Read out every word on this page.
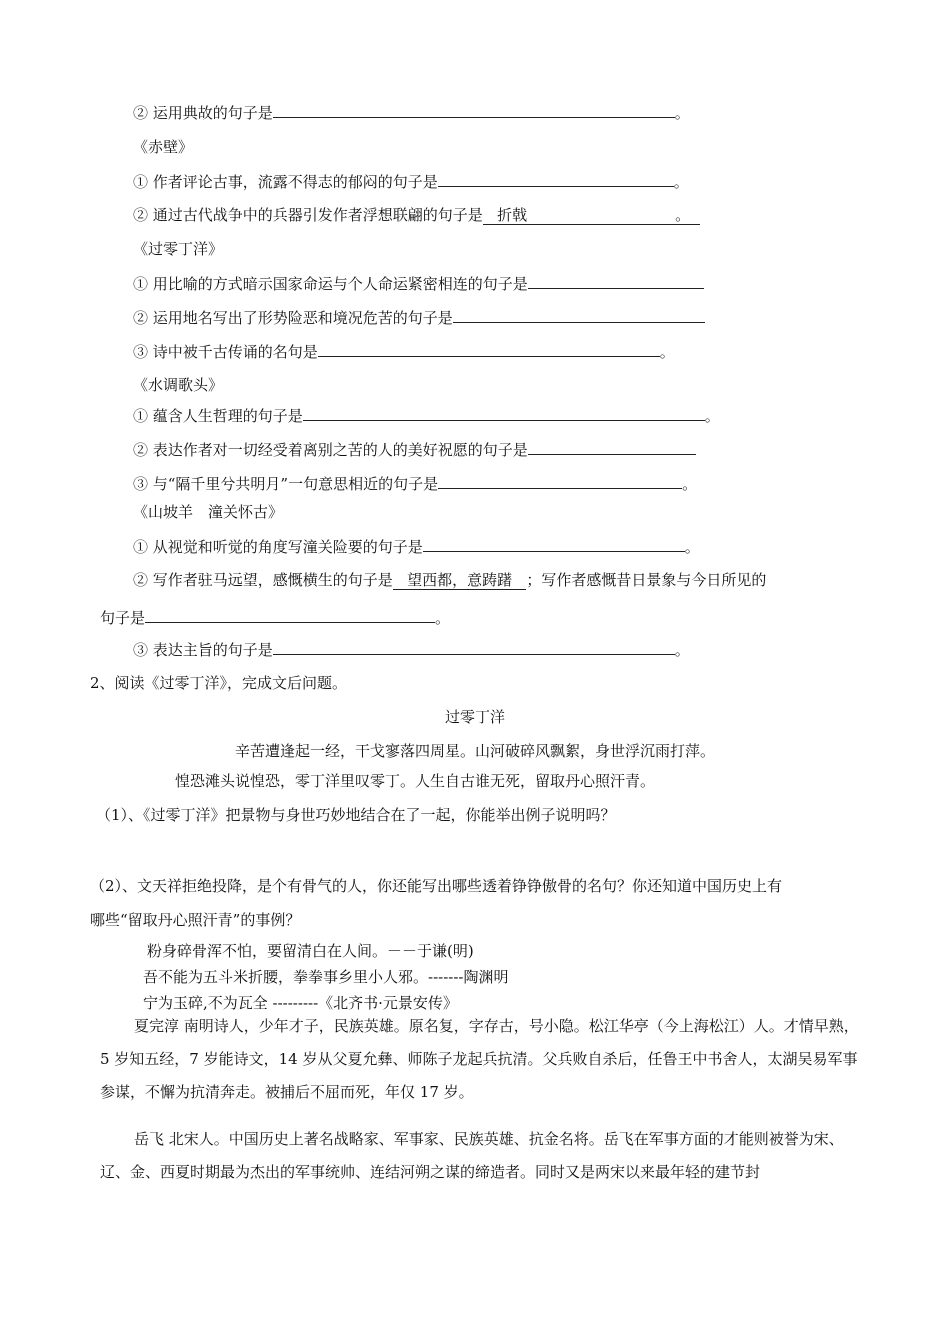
② 运用典故的句子是	。
《赤壁》
① 作者评论古事，流露不得志的郁闷的句子是	。
② 通过古代战争中的兵器引发作者浮想联翩的句子是 折戟	。
《过零丁洋》
① 用比喻的方式暗示国家命运与个人命运紧密相连的句子是
② 运用地名写出了形势险恶和境况危苦的句子是
③ 诗中被千古传诵的名句是	。
《水调歌头》
① 蕴含人生哲理的句子是	。
② 表达作者对一切经受着离别之苦的人的美好祝愿的句子是
③ 与“隔千里兮共明月”一句意思相近的句子是	。
《山坡羊　潼关怀古》
① 从视觉和听觉的角度写潼关险要的句子是	。
② 写作者驻马远望，感慨横生的句子是 望西都，意踌躇 ；写作者感慨昔日景象与今日所见的
句子是	。
③ 表达主旨的句子是	。
2、阅读《过零丁洋》，完成文后问题。
过零丁洋
辛苦遭逢起一经，干戈寥落四周星。山河破碎风飘絮，身世浮沉雨打萍。
惶恐滩头说惶恐，零丁洋里叹零丁。人生自古谁无死，留取丹心照汗青。
（1）、《过零丁洋》把景物与身世巧妙地结合在了一起，你能举出例子说明吗？
（2）、文天祥拒绝投降，是个有骨气的人，你还能写出哪些透着铮铮傲骨的名句？你还知道中国历史上有
哪些“留取丹心照汗青”的事例？
粉身碎骨浑不怕，要留清白在人间。－－于谦(明)
吾不能为五斗米折腰，拳拳事乡里小人邪。-------陶渊明
宁为玉碎,不为瓦全 ---------《北齐书·元景安传》
夏完淳 南明诗人，少年才子，民族英雄。原名复，字存古，号小隐。松江华亭（今上海松江）人。才情早熟，5 岁知五经，7 岁能诗文，14 岁从父夏允彝、师陈子龙起兵抗清。父兵败自杀后，任鲁王中书舍人，太湖吴易军事参谋，不懈为抗清奔走。被捕后不屈而死，年仅 17 岁。
岳飞 北宋人。中国历史上著名战略家、军事家、民族英雄、抗金名将。岳飞在军事方面的才能则被誉为宋、辽、金、西夏时期最为杰出的军事统帅、连结河朔之谋的缔造者。同时又是两宋以来最年轻的建节封
